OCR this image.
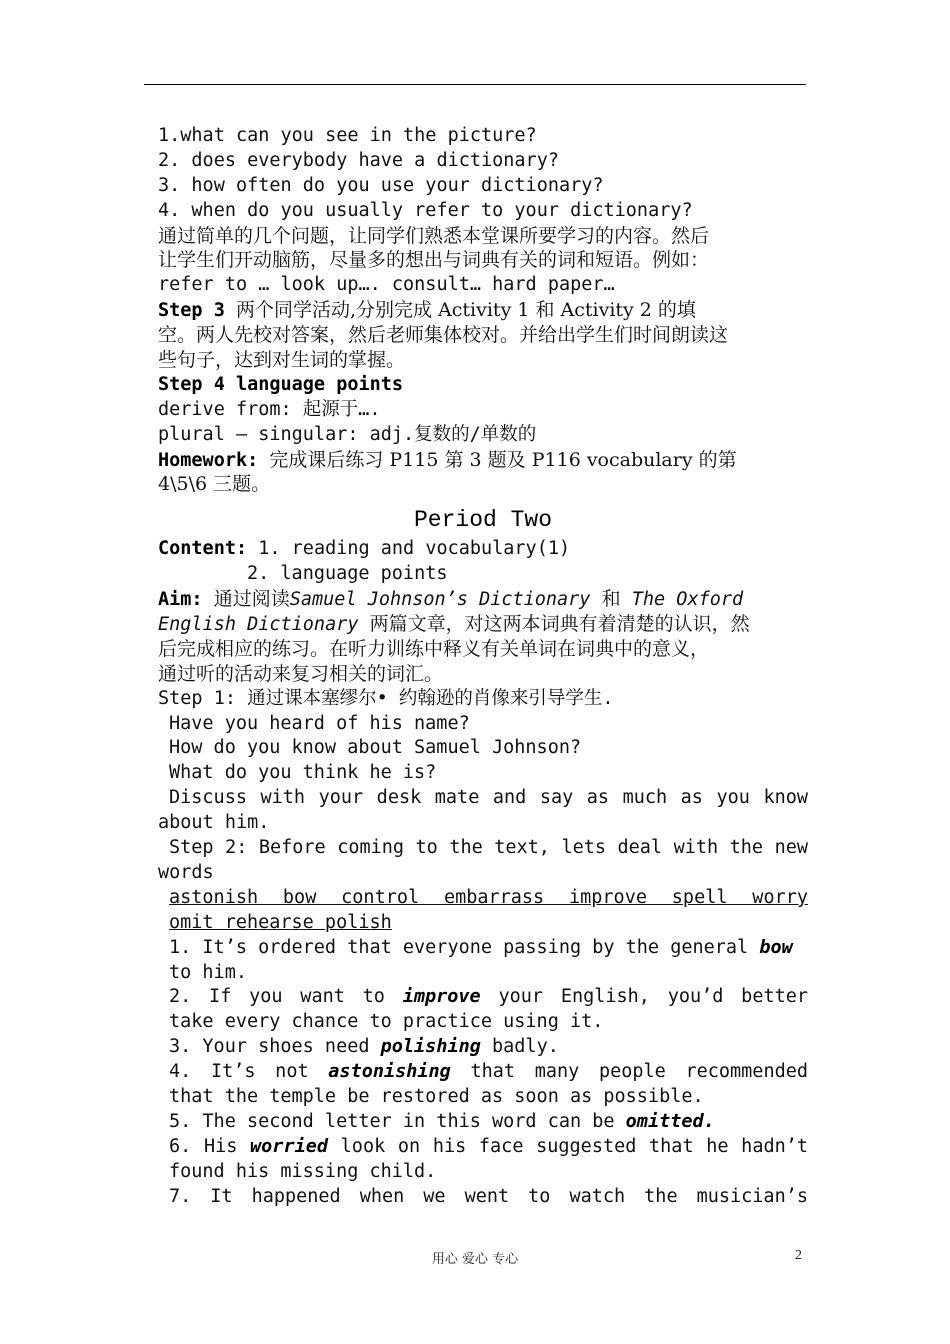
1.what can you see in the picture?
2. does everybody have a dictionary?
3. how often do you use your dictionary?
4. when do you usually refer to your dictionary?
通过简单的几个问题，让同学们熟悉本堂课所要学习的内容。然后
让学生们开动脑筋，尽量多的想出与词典有关的词和短语。例如：
refer to … look up…. consult… hard paper…
Step 3 两个同学活动,分别完成 Activity 1 和 Activity 2 的填
空。两人先校对答案，然后老师集体校对。并给出学生们时间朗读这
些句子，达到对生词的掌握。
Step 4 language points
derive from: 起源于….
plural – singular: adj.复数的/单数的
Homework: 完成课后练习 P115 第 3 题及 P116 vocabulary 的第
4\5\6 三题。
Period Two
Content: 1. reading and vocabulary(1)
2. language points
Aim: 通过阅读Samuel Johnson’s Dictionary 和 The Oxford
English Dictionary 两篇文章，对这两本词典有着清楚的认识，然
后完成相应的练习。在听力训练中释义有关单词在词典中的意义，
通过听的活动来复习相关的词汇。
Step 1: 通过课本塞缪尔• 约翰逊的肖像来引导学生.
Have you heard of his name?
How do you know about Samuel Johnson?
What do you think he is?
Discuss with your desk mate and say as much as you know
about him.
Step 2: Before coming to the text, lets deal with the new
words
astonish bow control embarrass improve spell worry
omit rehearse polish
1. It’s ordered that everyone passing by the general bow
to him.
2. If you want to improve your English, you’d better
take every chance to practice using it.
3. Your shoes need polishing badly.
4. It’s not astonishing that many people recommended
that the temple be restored as soon as possible.
5. The second letter in this word can be omitted.
6. His worried look on his face suggested that he hadn’t
found his missing child.
7. It happened when we went to watch the musician’s
用心 爱心 专心	2
